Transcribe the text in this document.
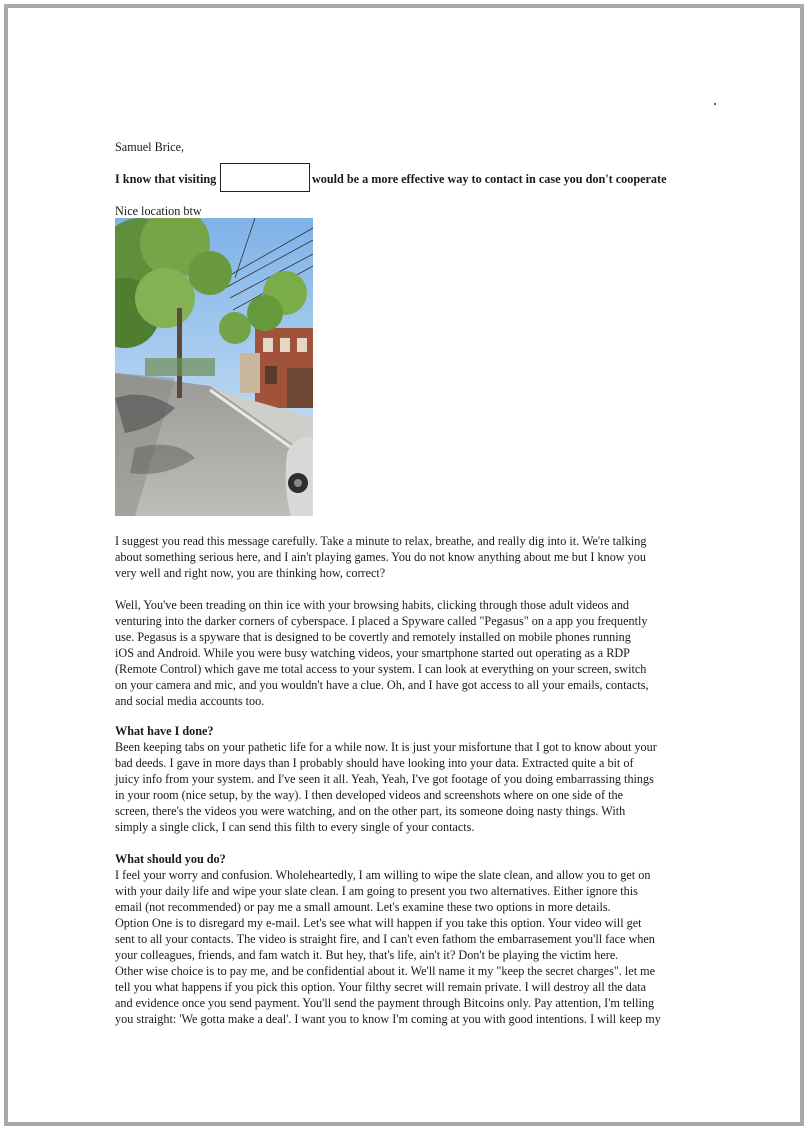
Samuel Brice,
I know that visiting	would be a more effective way to contact in case you don't cooperate
Nice location btw
I suggest you read this message carefully. Take a minute to relax, breathe, and really dig into it. We're talking
about something serious here, and I ain't playing games. You do not know anything about me but I know you
very well and right now, you are thinking how, correct?
Well, You've been treading on thin ice with your browsing habits, clicking through those adult videos and
venturing into the darker corners of cyberspace. I placed a Spyware called "Pegasus" on a app you frequently
use. Pegasus is a spyware that is designed to be covertly and remotely installed on mobile phones running
iOS and Android. While you were busy watching videos, your smartphone started out operating as a RDP
(Remote Control) which gave me total access to your system. I can look at everything on your screen, switch
on your camera and mic, and you wouldn't have a clue. Oh, and I have got access to all your emails, contacts,
and social media accounts too.
What have I done?
Been keeping tabs on your pathetic life for a while now. It is just your misfortune that I got to know about your
bad deeds. I gave in more days than I probably should have looking into your data. Extracted quite a bit of
juicy info from your system. and I've seen it all. Yeah, Yeah, I've got footage of you doing embarrassing things
in your room (nice setup, by the way). I then developed videos and screenshots where on one side of the
screen, there's the videos you were watching, and on the other part, its someone doing nasty things. With
simply a single click, I can send this filth to every single of your contacts.
What should you do?
I feel your worry and confusion. Wholeheartedly, I am willing to wipe the slate clean, and allow you to get on
with your daily life and wipe your slate clean. I am going to present you two alternatives. Either ignore this
email (not recommended) or pay me a small amount. Let's examine these two options in more details.
Option One is to disregard my e-mail. Let's see what will happen if you take this option. Your video will get
sent to all your contacts. The video is straight fire, and I can't even fathom the embarrasement you'll face when
your colleagues, friends, and fam watch it. But hey, that's life, ain't it? Don't be playing the victim here.
Other wise choice is to pay me, and be confidential about it. We'll name it my "keep the secret charges". let me
tell you what happens if you pick this option. Your filthy secret will remain private. I will destroy all the data
and evidence once you send payment. You'll send the payment through Bitcoins only. Pay attention, I'm telling
you straight: 'We gotta make a deal'. I want you to know I'm coming at you with good intentions. I will keep my
